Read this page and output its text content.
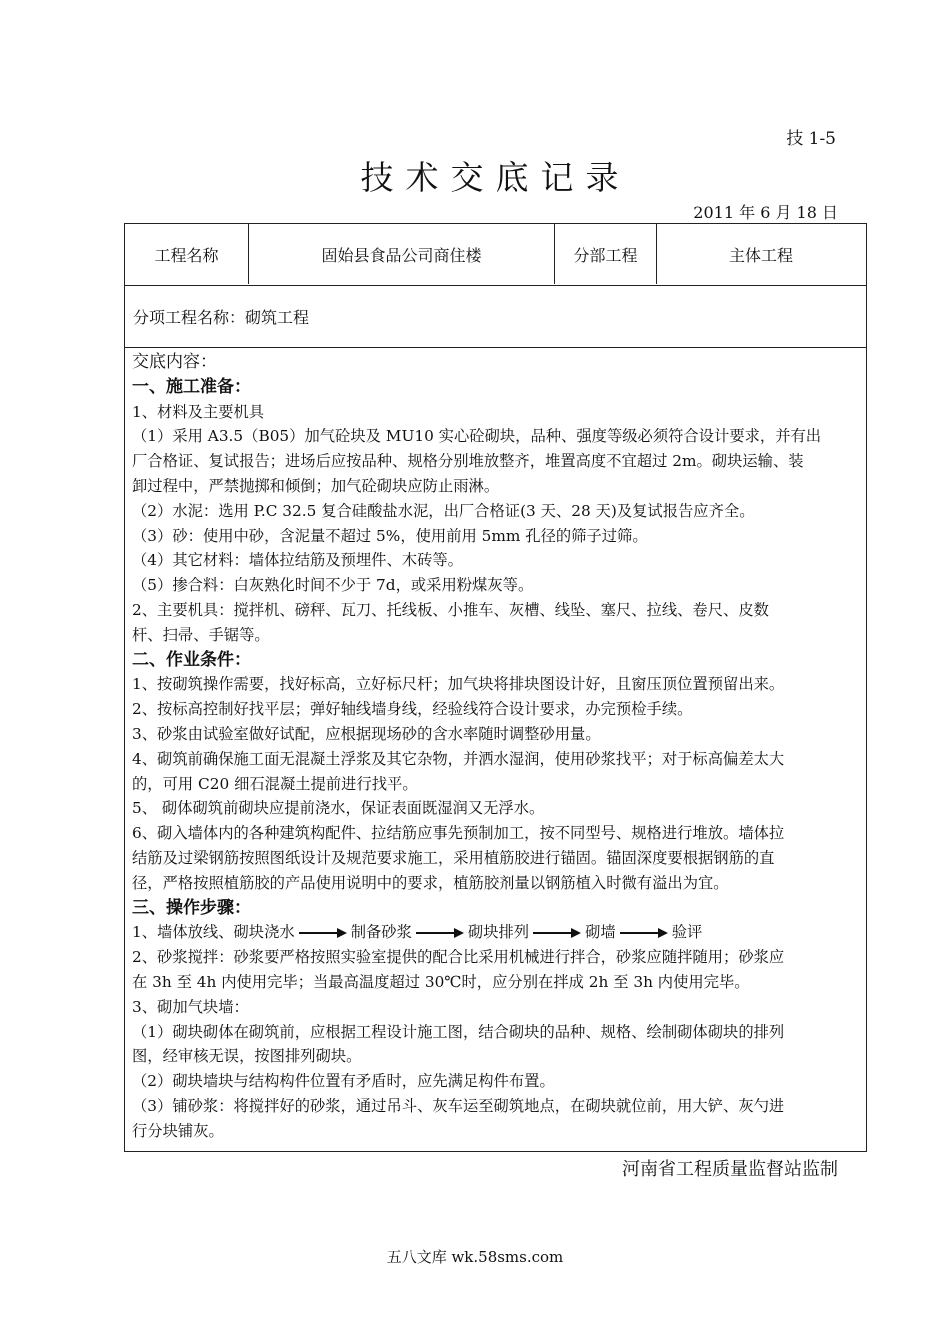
技 1-5
技术交底记录
2011 年 6 月 18 日
工程名称	固始县食品公司商住楼	分部工程	主体工程
分项工程名称：砌筑工程
交底内容：
一、施工准备：
1、材料及主要机具
（1）采用 A3.5（B05）加气砼块及 MU10 实心砼砌块，品种、强度等级必须符合设计要求，并有出
厂合格证、复试报告；进场后应按品种、规格分别堆放整齐，堆置高度不宜超过 2m。砌块运输、装
卸过程中，严禁抛掷和倾倒；加气砼砌块应防止雨淋。
（2）水泥：选用 P.C 32.5 复合硅酸盐水泥，出厂合格证(3 天、28 天)及复试报告应齐全。
（3）砂：使用中砂，含泥量不超过 5%，使用前用 5mm 孔径的筛子过筛。
（4）其它材料：墙体拉结筋及预埋件、木砖等。
（5）掺合料：白灰熟化时间不少于 7d，或采用粉煤灰等。
2、主要机具：搅拌机、磅秤、瓦刀、托线板、小推车、灰槽、线坠、塞尺、拉线、卷尺、皮数
杆、扫帚、手锯等。
二、作业条件：
1、按砌筑操作需要，找好标高，立好标尺杆；加气块将排块图设计好，且窗压顶位置预留出来。
2、按标高控制好找平层；弹好轴线墙身线，经验线符合设计要求，办完预检手续。
3、砂浆由试验室做好试配，应根据现场砂的含水率随时调整砂用量。
4、砌筑前确保施工面无混凝土浮浆及其它杂物，并洒水湿润，使用砂浆找平；对于标高偏差太大
的，可用 C20 细石混凝土提前进行找平。
5、 砌体砌筑前砌块应提前浇水，保证表面既湿润又无浮水。
6、砌入墙体内的各种建筑构配件、拉结筋应事先预制加工，按不同型号、规格进行堆放。墙体拉
结筋及过梁钢筋按照图纸设计及规范要求施工，采用植筋胶进行锚固。锚固深度要根据钢筋的直
径，严格按照植筋胶的产品使用说明中的要求，植筋胶剂量以钢筋植入时微有溢出为宜。
三、操作步骤：
1、墙体放线、砌块浇水	制备砂浆	砌块排列	砌墙	验评
2、砂浆搅拌：砂浆要严格按照实验室提供的配合比采用机械进行拌合，砂浆应随拌随用；砂浆应
在 3h 至 4h 内使用完毕；当最高温度超过 30℃时，应分别在拌成 2h 至 3h 内使用完毕。
3、砌加气块墙：
（1）砌块砌体在砌筑前，应根据工程设计施工图，结合砌块的品种、规格、绘制砌体砌块的排列
图，经审核无误，按图排列砌块。
（2）砌块墙块与结构构件位置有矛盾时，应先满足构件布置。
（3）铺砂浆：将搅拌好的砂浆，通过吊斗、灰车运至砌筑地点，在砌块就位前，用大铲、灰勺进
行分块铺灰。
河南省工程质量监督站监制
五八文库 wk.58sms.com
